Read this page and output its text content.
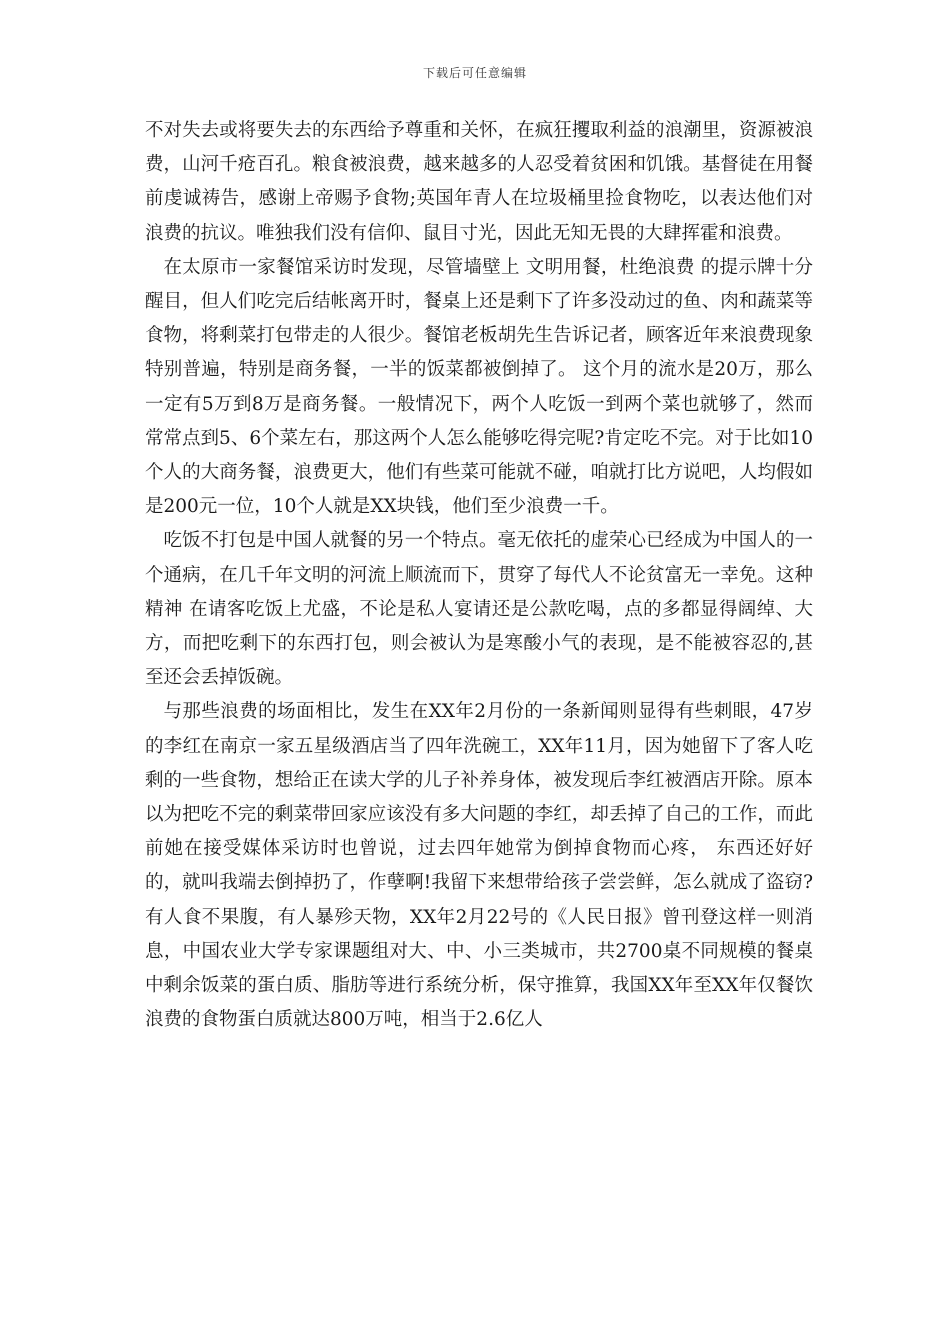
下载后可任意编辑

不对失去或将要失去的东西给予尊重和关怀，在疯狂攫取利益的浪潮里，资源被浪费，山河千疮百孔。粮食被浪费，越来越多的人忍受着贫困和饥饿。基督徒在用餐前虔诚祷告，感谢上帝赐予食物;英国年青人在垃圾桶里捡食物吃，以表达他们对浪费的抗议。唯独我们没有信仰、鼠目寸光，因此无知无畏的大肆挥霍和浪费。

在太原市一家餐馆采访时发现，尽管墙壁上 文明用餐，杜绝浪费 的提示牌十分醒目，但人们吃完后结帐离开时，餐桌上还是剩下了许多没动过的鱼、肉和蔬菜等食物，将剩菜打包带走的人很少。餐馆老板胡先生告诉记者，顾客近年来浪费现象特别普遍，特别是商务餐，一半的饭菜都被倒掉了。 这个月的流水是20万，那么一定有5万到8万是商务餐。一般情况下，两个人吃饭一到两个菜也就够了，然而常常点到5、6个菜左右，那这两个人怎么能够吃得完呢?肯定吃不完。对于比如10个人的大商务餐，浪费更大，他们有些菜可能就不碰，咱就打比方说吧，人均假如是200元一位，10个人就是XX块钱，他们至少浪费一千。

吃饭不打包是中国人就餐的另一个特点。毫无依托的虚荣心已经成为中国人的一个通病，在几千年文明的河流上顺流而下，贯穿了每代人不论贫富无一幸免。这种 精神 在请客吃饭上尤盛，不论是私人宴请还是公款吃喝，点的多都显得阔绰、大方，而把吃剩下的东西打包，则会被认为是寒酸小气的表现，是不能被容忍的,甚至还会丢掉饭碗。

与那些浪费的场面相比，发生在XX年2月份的一条新闻则显得有些刺眼，47岁的李红在南京一家五星级酒店当了四年洗碗工，XX年11月，因为她留下了客人吃剩的一些食物，想给正在读大学的儿子补养身体，被发现后李红被酒店开除。原本以为把吃不完的剩菜带回家应该没有多大问题的李红，却丢掉了自己的工作，而此前她在接受媒体采访时也曾说，过去四年她常为倒掉食物而心疼， 东西还好好的，就叫我端去倒掉扔了，作孽啊!我留下来想带给孩子尝尝鲜，怎么就成了盗窃? 有人食不果腹，有人暴殄天物，XX年2月22号的《人民日报》曾刊登这样一则消息，中国农业大学专家课题组对大、中、小三类城市，共2700桌不同规模的餐桌中剩余饭菜的蛋白质、脂肪等进行系统分析，保守推算，我国XX年至XX年仅餐饮浪费的食物蛋白质就达800万吨，相当于2.6亿人
